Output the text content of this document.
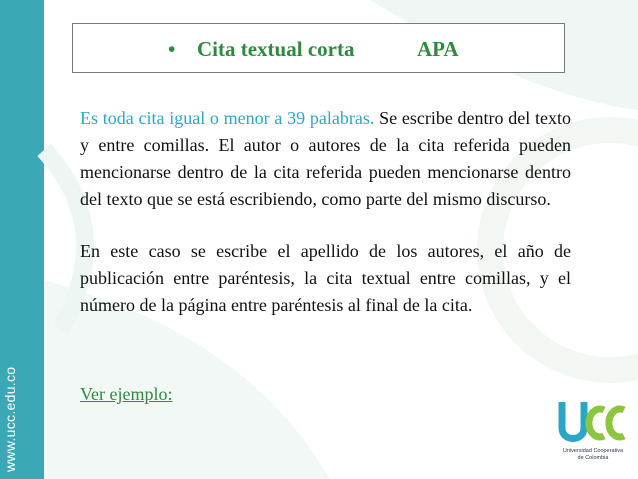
www.ucc.edu.co
• Cita textual corta	APA

Es toda cita igual o menor a 39 palabras. Se escribe dentro del texto y entre comillas. El autor o autores de la cita referida pueden mencionarse dentro de la cita referida pueden mencionarse dentro del texto que se está escribiendo, como parte del mismo discurso.

En este caso se escribe el apellido de los autores, el año de publicación entre paréntesis, la cita textual entre comillas, y el número de la página entre paréntesis al final de la cita.

Ver ejemplo:
Universidad Cooperativa
de Colombia
